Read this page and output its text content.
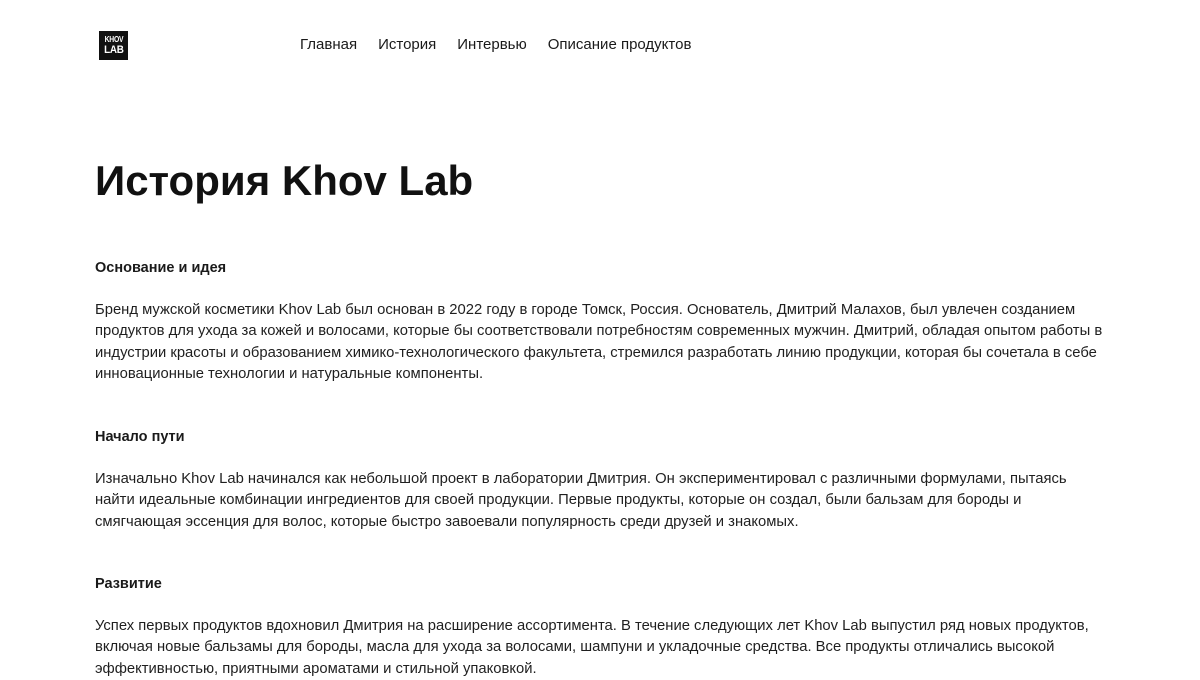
KHOV
LAB	Главная История Интервью Описание продуктов
История Khov Lab
Основание и идея

Бренд мужской косметики Khov Lab был основан в 2022 году в городе Томск, Россия. Основатель, Дмитрий Малахов, был увлечен созданием продуктов для ухода за кожей и волосами, которые бы соответствовали потребностям современных мужчин. Дмитрий, обладая опытом работы в индустрии красоты и образованием химико-технологического факультета, стремился разработать линию продукции, которая бы сочетала в себе инновационные технологии и натуральные компоненты.

Начало пути

Изначально Khov Lab начинался как небольшой проект в лаборатории Дмитрия. Он экспериментировал с различными формулами, пытаясь найти идеальные комбинации ингредиентов для своей продукции. Первые продукты, которые он создал, были бальзам для бороды и смягчающая эссенция для волос, которые быстро завоевали популярность среди друзей и знакомых.

Развитие

Успех первых продуктов вдохновил Дмитрия на расширение ассортимента. В течение следующих лет Khov Lab выпустил ряд новых продуктов, включая новые бальзамы для бороды, масла для ухода за волосами, шампуни и укладочные средства. Все продукты отличались высокой эффективностью, приятными ароматами и стильной упаковкой.
